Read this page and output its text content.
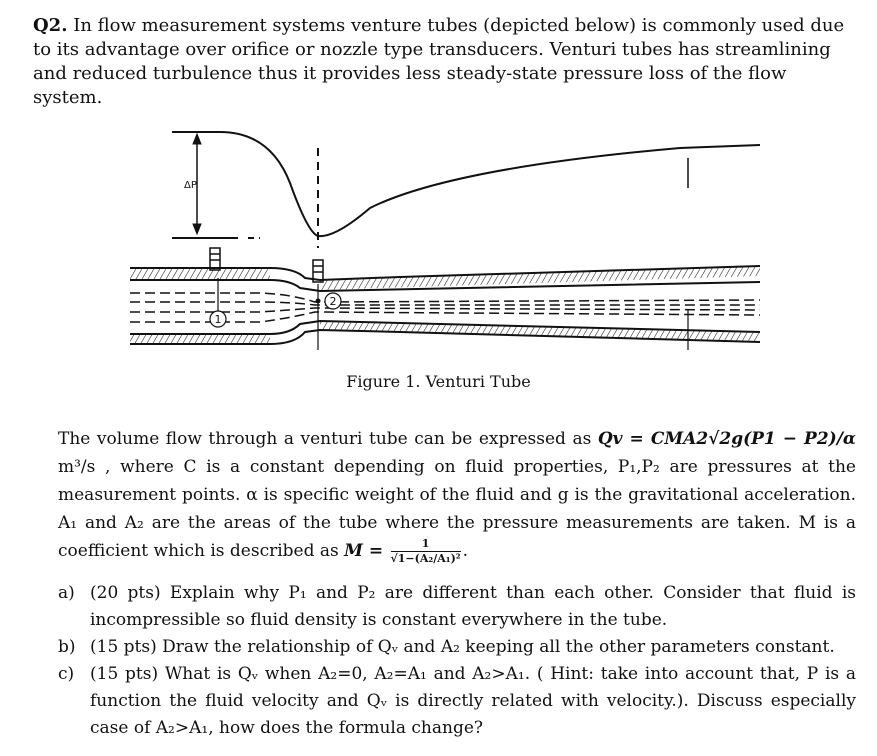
Q2. In flow measurement systems venture tubes (depicted below) is commonly used due to its advantage over orifice or nozzle type transducers. Venturi tubes has streamlining and reduced turbulence thus it provides less steady-state pressure loss of the flow system.
ΔP
1
2
Figure 1. Venturi Tube
The volume flow through a venturi tube can be expressed as Qv = CMA2√2g(P1 − P2)/α m³/s , where C is a constant depending on fluid properties, P₁,P₂ are pressures at the measurement points. α is specific weight of the fluid and g is the gravitational acceleration. A₁ and A₂ are the areas of the tube where the pressure measurements are taken. M is a coefficient which is described as $M = \frac{1}{\text{√1−(A₂/A₁)²}}$ .
a) (20 pts) Explain why P₁ and P₂ are different than each other. Consider that fluid is incompressible so fluid density is constant everywhere in the tube.
b) (15 pts) Draw the relationship of Qᵥ and A₂ keeping all the other parameters constant.
c) (15 pts) What is Qᵥ when A₂=0, A₂=A₁ and A₂>A₁. ( Hint: take into account that, P is a function the fluid velocity and Qᵥ is directly related with velocity.). Discuss especially case of A₂>A₁, how does the formula change?
